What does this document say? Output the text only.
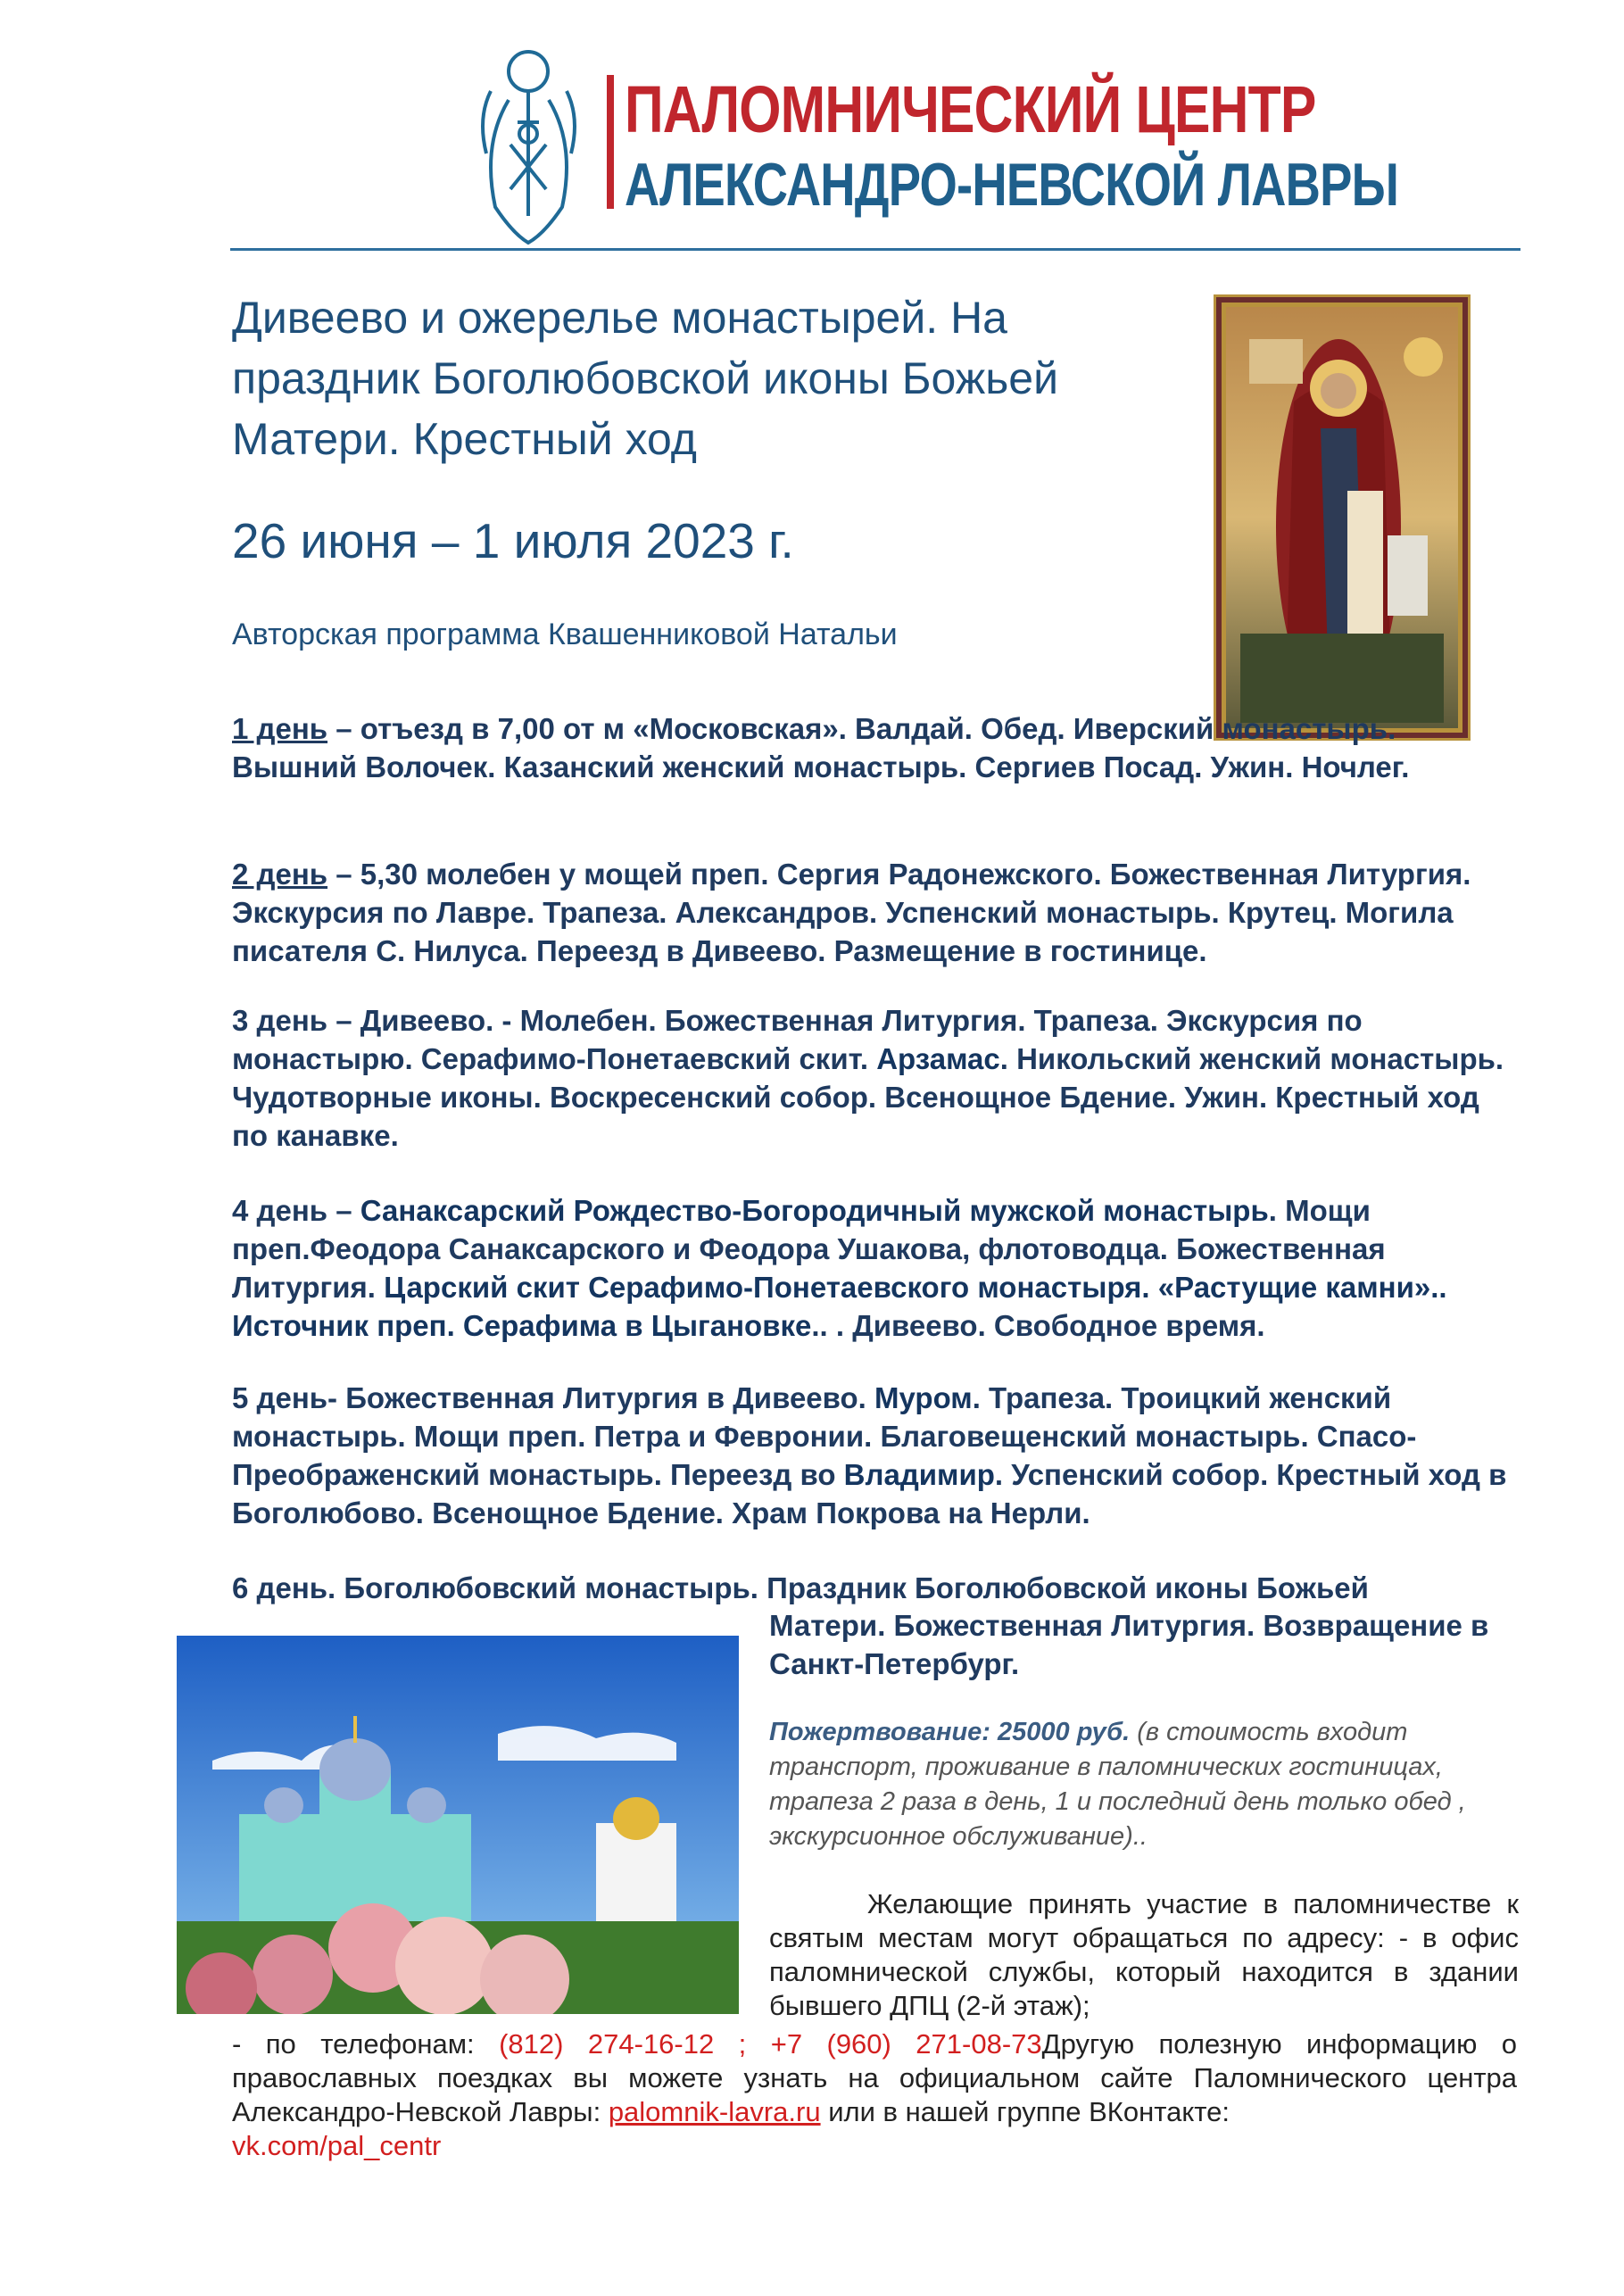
ПАЛОМНИЧЕСКИЙ ЦЕНТР
АЛЕКСАНДРО-НЕВСКОЙ ЛАВРЫ
Дивеево и ожерелье монастырей. На праздник Боголюбовской иконы Божьей Матери. Крестный ход
26 июня – 1 июля 2023 г.
Авторская программа Квашенниковой Натальи
1 день – отъезд в 7,00 от м «Московская». Валдай. Обед. Иверский монастырь. Вышний Волочек. Казанский женский монастырь. Сергиев Посад. Ужин. Ночлег.
2 день – 5,30 молебен у мощей преп. Сергия Радонежского. Божественная Литургия. Экскурсия по Лавре. Трапеза. Александров. Успенский монастырь. Крутец. Могила писателя С. Нилуса. Переезд в Дивеево. Размещение в гостинице.
3 день – Дивеево. - Молебен. Божественная Литургия. Трапеза. Экскурсия по монастырю. Серафимо-Понетаевский скит. Арзамас. Никольский женский монастырь. Чудотворные иконы. Воскресенский собор. Всенощное Бдение. Ужин. Крестный ход по канавке.
4 день – Санаксарский Рождество-Богородичный мужской монастырь. Мощи преп.Феодора Санаксарского и Феодора Ушакова, флотоводца. Божественная Литургия. Царский скит Серафимо-Понетаевского монастыря. «Растущие камни».. Источник преп. Серафима в Цыгановке.. . Дивеево. Свободное время.
5 день- Божественная Литургия в Дивеево. Муром. Трапеза. Троицкий женский монастырь. Мощи преп. Петра и Февронии. Благовещенский монастырь. Спасо-Преображенский монастырь. Переезд во Владимир. Успенский собор. Крестный ход в Боголюбово. Всенощное Бдение. Храм Покрова на Нерли.
6 день. Боголюбовский монастырь. Праздник Боголюбовской иконы Божьей
Матери. Божественная Литургия. Возвращение в Санкт-Петербург.
Пожертвование: 25000 руб. (в стоимость входит транспорт, проживание в паломнических гостиницах, трапеза 2 раза в день, 1 и последний день только обед , экскурсионное обслуживание)..
Желающие принять участие в паломничестве к святым местам могут обращаться по адресу: - в офис паломнической службы, который находится в здании бывшего ДПЦ (2-й этаж);
- по телефонам: (812) 274-16-12 ; +7 (960) 271-08-73Другую полезную информацию о православных поездках вы можете узнать на официальном сайте Паломнического центра Александро-Невской Лавры: palomnik-lavra.ru или в нашей группе ВКонтакте:
vk.com/pal_centr
